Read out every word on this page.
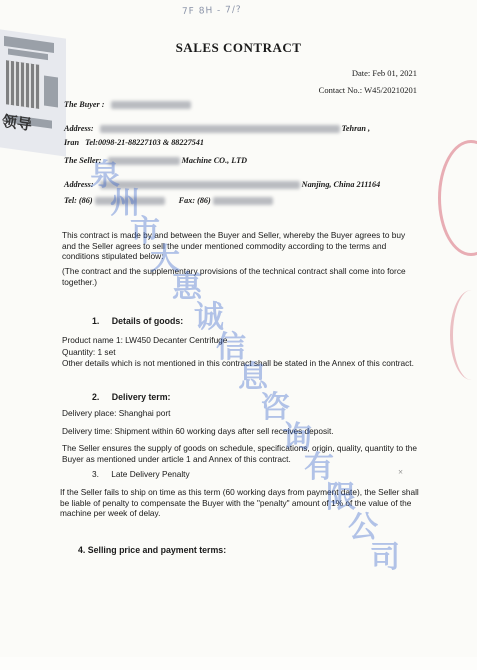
7F 8H - 7/?
领导
SALES CONTRACT
Date: Feb 01, 2021
Contact No.: W45/20210201
The Buyer :
Address:	Tehran ,
Iran Tel:0098-21-88227103 & 88227541
The Seller:	Machine CO., LTD
Address:	Nanjing, China 211164
Tel: (86)	Fax: (86)
This contract is made by and between the Buyer and Seller, whereby the Buyer agrees to buy and the Seller agrees to sell the under mentioned commodity according to the terms and conditions stipulated below:
(The contract and the supplementary provisions of the technical contract shall come into force together.)
1. Details of goods:
Product name 1: LW450 Decanter Centrifuge
Quantity: 1 set
Other details which is not mentioned in this contract shall be stated in the Annex of this contract.
2. Delivery term:
Delivery place: Shanghai port
Delivery time: Shipment within 60 working days after sell receives deposit.
The Seller ensures the supply of goods on schedule, specifications, origin, quality, quantity to the Buyer as mentioned under article 1 and Annex of this contract.
3. Late Delivery Penalty	×
If the Seller fails to ship on time as this term (60 working days from payment date), the Seller shall be liable of penalty to compensate the Buyer with the "penalty" amount of 1% of the value of the machine per week of delay.
4. Selling price and payment terms:
泉
州
市
大
惠
诚
信
息
咨
询
有
限
公
司
